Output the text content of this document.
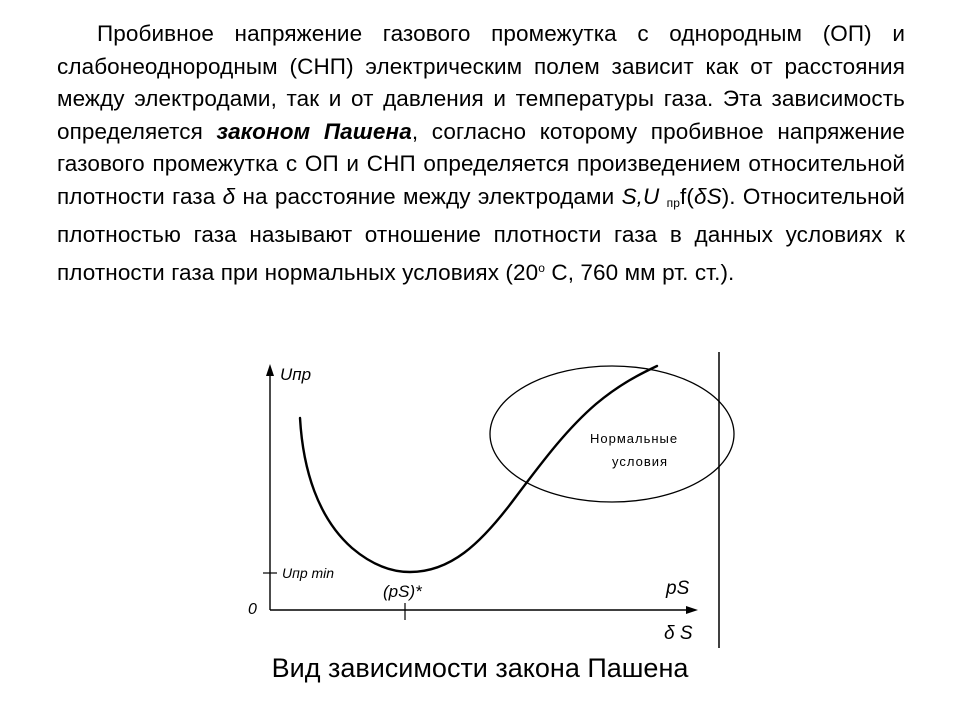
Пробивное напряжение газового промежутка с однородным (ОП) и слабонеоднородным (СНП) электрическим полем зависит как от расстояния между электродами, так и от давления и температуры газа. Эта зависимость определяется законом Пашена, согласно которому пробивное напряжение газового промежутка с ОП и СНП определяется произведением относительной плотности газа δ на расстояние между электродами S,U $_{пр}$f(δS). Относительной плотностью газа называют отношение плотности газа в данных условиях к плотности газа при нормальных условиях ($20^о$ С, 760 мм рт. ст.).
Uпр
Uпр min
0
(pS)*	pS
δ S
Нормальные
условия
Вид зависимости закона Пашена
